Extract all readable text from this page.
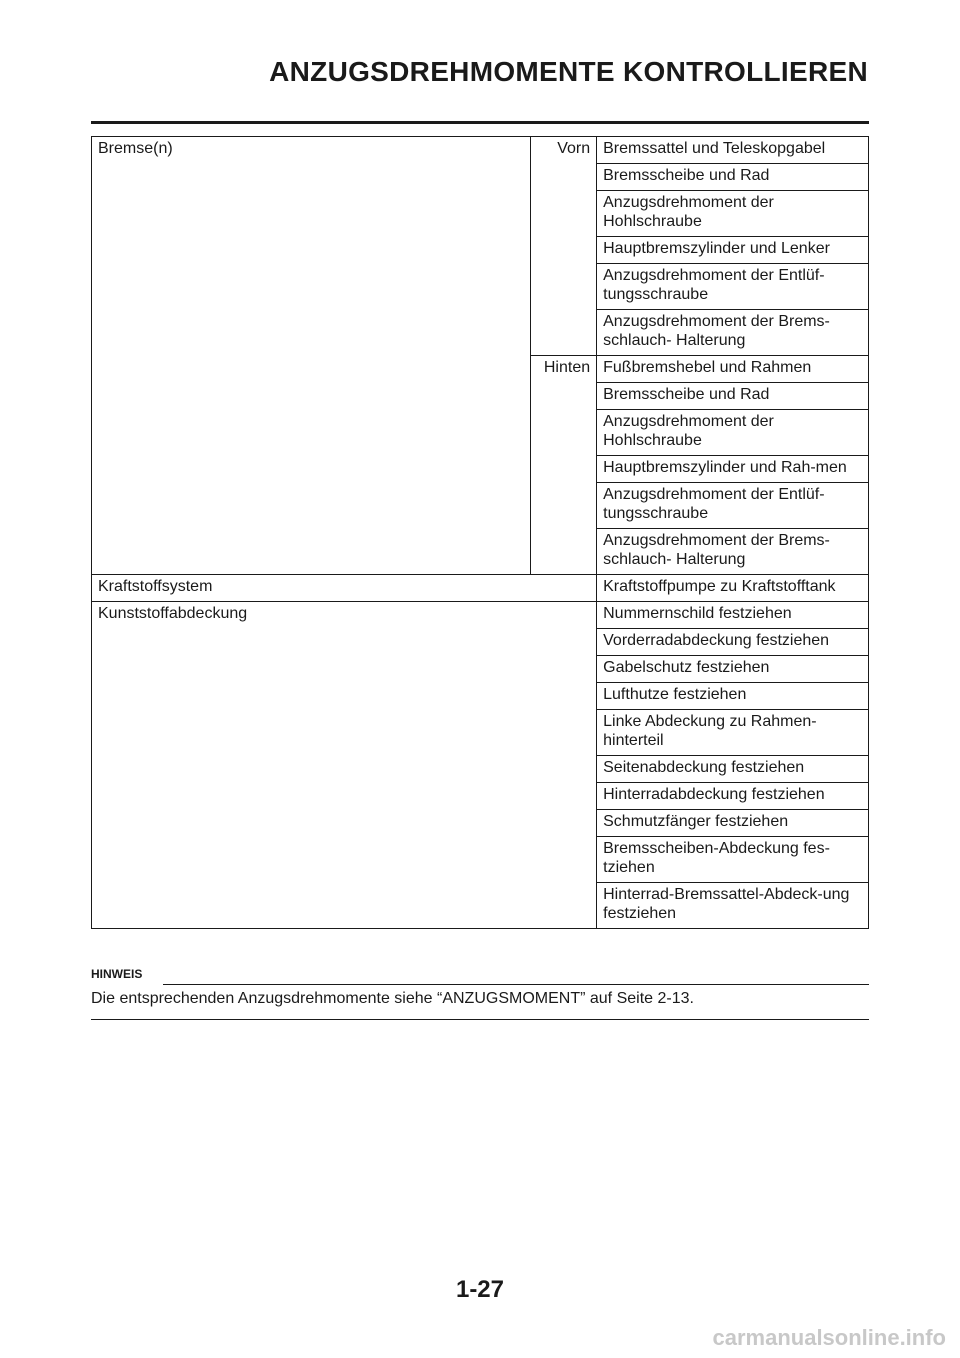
ANZUGSDREHMOMENTE KONTROLLIEREN
Bremse(n)	Vorn	Bremssattel und Teleskopgabel
		Bremsscheibe und Rad
		Anzugsdrehmoment der Hohlschraube
		Hauptbremszylinder und Lenker
		Anzugsdrehmoment der Entlüf-tungsschraube
		Anzugsdrehmoment der Brems-schlauch- Halterung
	Hinten	Fußbremshebel und Rahmen
		Bremsscheibe und Rad
		Anzugsdrehmoment der Hohlschraube
		Hauptbremszylinder und Rah-men
		Anzugsdrehmoment der Entlüf-tungsschraube
		Anzugsdrehmoment der Brems-schlauch- Halterung
Kraftstoffsystem		Kraftstoffpumpe zu Kraftstofftank
Kunststoffabdeckung		Nummernschild festziehen
		Vorderradabdeckung festziehen
		Gabelschutz festziehen
		Lufthutze festziehen
		Linke Abdeckung zu Rahmen-hinterteil
		Seitenabdeckung festziehen
		Hinterradabdeckung festziehen
		Schmutzfänger festziehen
		Bremsscheiben-Abdeckung fes-tziehen
		Hinterrad-Bremssattel-Abdeck-ung festziehen
HINWEIS
Die entsprechenden Anzugsdrehmomente siehe “ANZUGSMOMENT” auf Seite 2-13.
1-27
carmanualsonline.info
